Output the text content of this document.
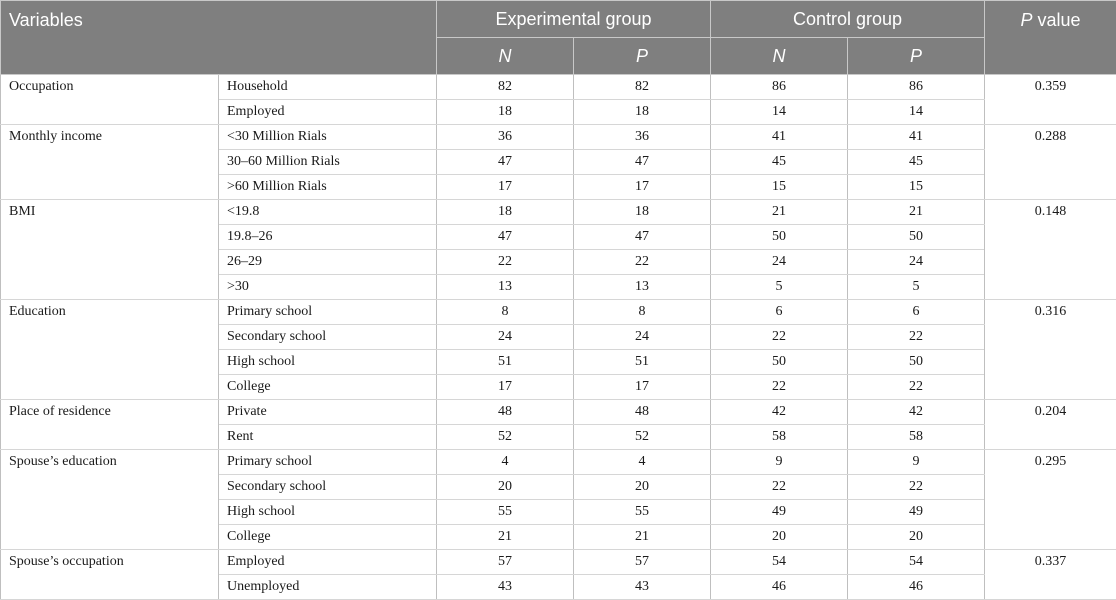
Variables		Experimental group		Control group		P value
		N	P	N	P	
Occupation	Household	82	82	86	86	0.359
	Employed	18	18	14	14	
Monthly income	<30 Million Rials	36	36	41	41	0.288
	30–60 Million Rials	47	47	45	45	
	>60 Million Rials	17	17	15	15	
BMI	<19.8	18	18	21	21	0.148
	19.8–26	47	47	50	50	
	26–29	22	22	24	24	
	>30	13	13	5	5	
Education	Primary school	8	8	6	6	0.316
	Secondary school	24	24	22	22	
	High school	51	51	50	50	
	College	17	17	22	22	
Place of residence	Private	48	48	42	42	0.204
	Rent	52	52	58	58	
Spouse’s education	Primary school	4	4	9	9	0.295
	Secondary school	20	20	22	22	
	High school	55	55	49	49	
	College	21	21	20	20	
Spouse’s occupation	Employed	57	57	54	54	0.337
	Unemployed	43	43	46	46	
